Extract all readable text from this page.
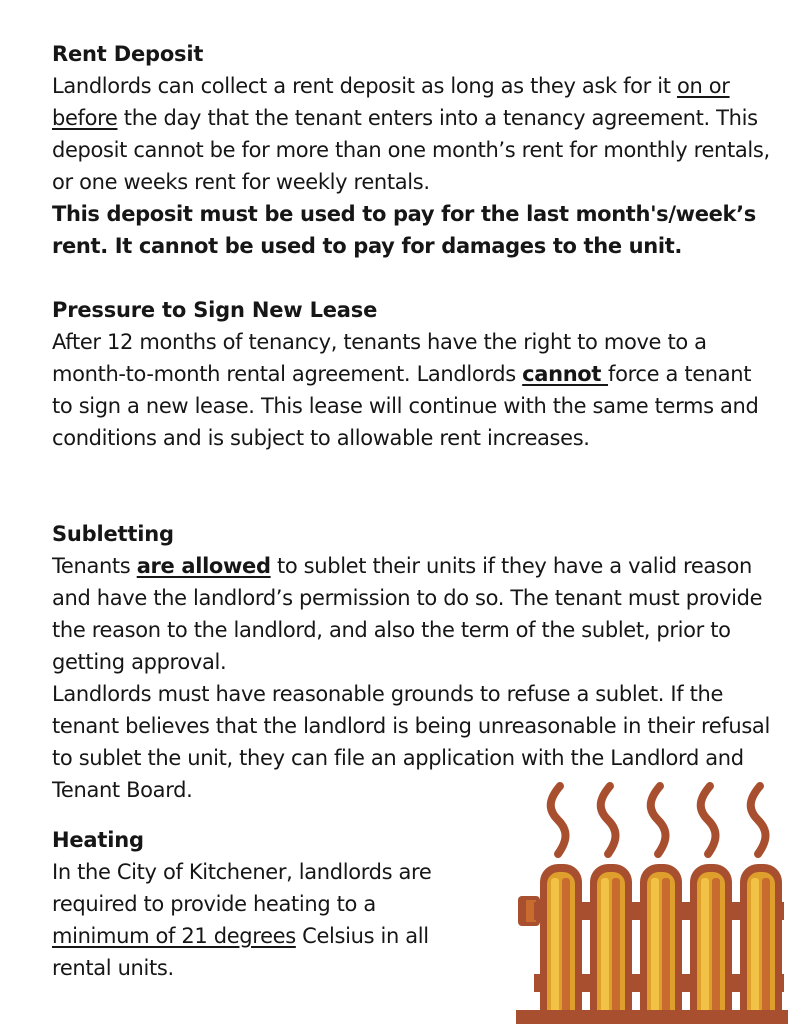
Rent Deposit

Landlords can collect a rent deposit as long as they ask for it on or before the day that the tenant enters into a tenancy agreement. This deposit cannot be for more than one month’s rent for monthly rentals, or one weeks rent for weekly rentals.
This deposit must be used to pay for the last month's/week’s rent. It cannot be used to pay for damages to the unit.

Pressure to Sign New Lease

After 12 months of tenancy, tenants have the right to move to a month-to-month rental agreement. Landlords cannot force a tenant to sign a new lease. This lease will continue with the same terms and conditions and is subject to allowable rent increases.

Subletting

Tenants are allowed to sublet their units if they have a valid reason and have the landlord’s permission to do so. The tenant must provide the reason to the landlord, and also the term of the sublet, prior to getting approval.

Landlords must have reasonable grounds to refuse a sublet. If the tenant believes that the landlord is being unreasonable in their refusal to sublet the unit, they can file an application with the Landlord and Tenant Board.

Heating

In the City of Kitchener, landlords are required to provide heating to a minimum of 21 degrees Celsius in all rental units.
